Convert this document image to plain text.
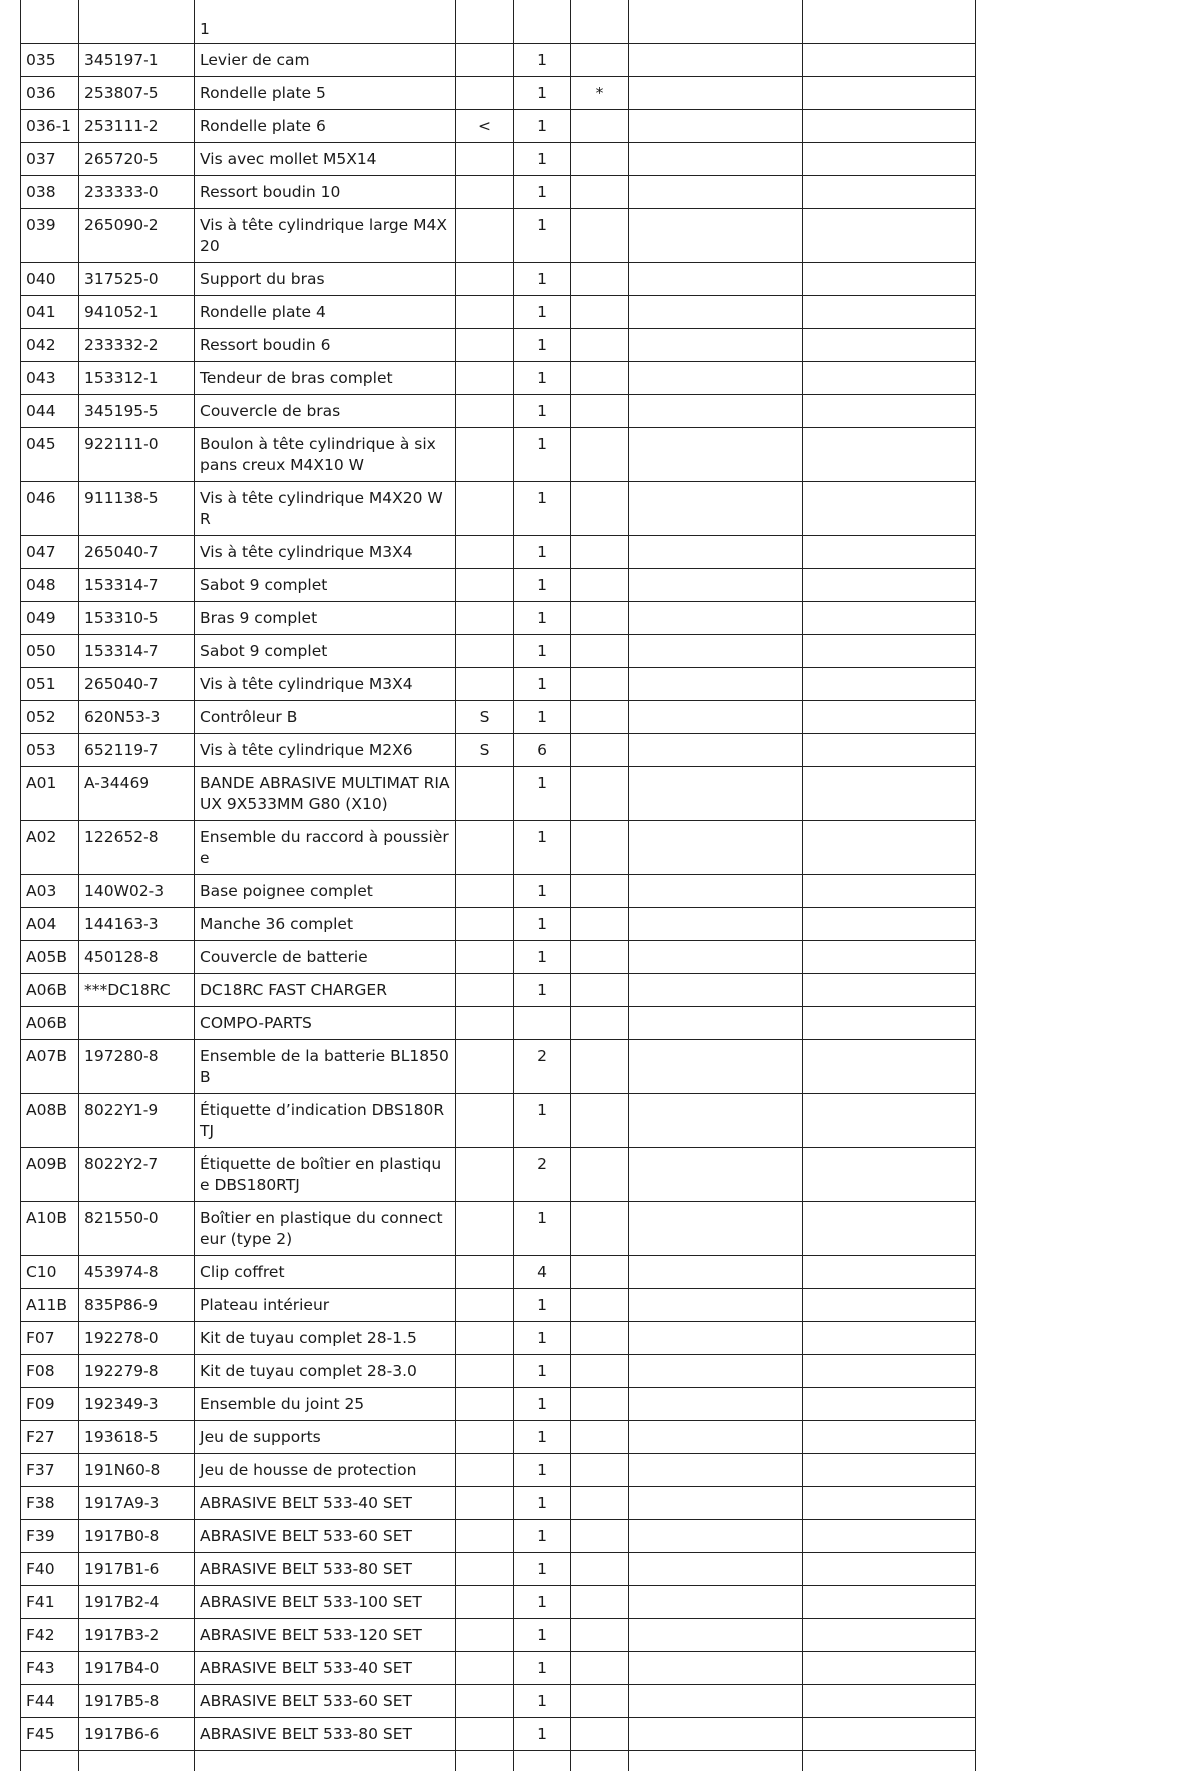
		1					
035	345197-1	Levier de cam		1			
036	253807-5	Rondelle plate 5		1	*		
036-1	253111-2	Rondelle plate 6	<	1			
037	265720-5	Vis avec mollet M5X14		1			
038	233333-0	Ressort boudin 10		1			
039	265090-2	Vis à tête cylindrique large M4X20		1			
040	317525-0	Support du bras		1			
041	941052-1	Rondelle plate 4		1			
042	233332-2	Ressort boudin 6		1			
043	153312-1	Tendeur de bras complet		1			
044	345195-5	Couvercle de bras		1			
045	922111-0	Boulon à tête cylindrique à six pans creux M4X10 W		1			
046	911138-5	Vis à tête cylindrique M4X20 WR		1			
047	265040-7	Vis à tête cylindrique M3X4		1			
048	153314-7	Sabot 9 complet		1			
049	153310-5	Bras 9 complet		1			
050	153314-7	Sabot 9 complet		1			
051	265040-7	Vis à tête cylindrique M3X4		1			
052	620N53-3	Contrôleur B	S	1			
053	652119-7	Vis à tête cylindrique M2X6	S	6			
A01	A-34469	BANDE ABRASIVE MULTIMAT RIAUX 9X533MM G80 (X10)		1			
A02	122652-8	Ensemble du raccord à poussière		1			
A03	140W02-3	Base poignee complet		1			
A04	144163-3	Manche 36 complet		1			
A05B	450128-8	Couvercle de batterie		1			
A06B	***DC18RC	DC18RC FAST CHARGER		1			
A06B		COMPO-PARTS					
A07B	197280-8	Ensemble de la batterie BL1850B		2			
A08B	8022Y1-9	Étiquette d’indication DBS180RTJ		1			
A09B	8022Y2-7	Étiquette de boîtier en plastique DBS180RTJ		2			
A10B	821550-0	Boîtier en plastique du connecteur (type 2)		1			
C10	453974-8	Clip coffret		4			
A11B	835P86-9	Plateau intérieur		1			
F07	192278-0	Kit de tuyau complet 28-1.5		1			
F08	192279-8	Kit de tuyau complet 28-3.0		1			
F09	192349-3	Ensemble du joint 25		1			
F27	193618-5	Jeu de supports		1			
F37	191N60-8	Jeu de housse de protection		1			
F38	1917A9-3	ABRASIVE BELT 533-40 SET		1			
F39	1917B0-8	ABRASIVE BELT 533-60 SET		1			
F40	1917B1-6	ABRASIVE BELT 533-80 SET		1			
F41	1917B2-4	ABRASIVE BELT 533-100 SET		1			
F42	1917B3-2	ABRASIVE BELT 533-120 SET		1			
F43	1917B4-0	ABRASIVE BELT 533-40 SET		1			
F44	1917B5-8	ABRASIVE BELT 533-60 SET		1			
F45	1917B6-6	ABRASIVE BELT 533-80 SET		1			
